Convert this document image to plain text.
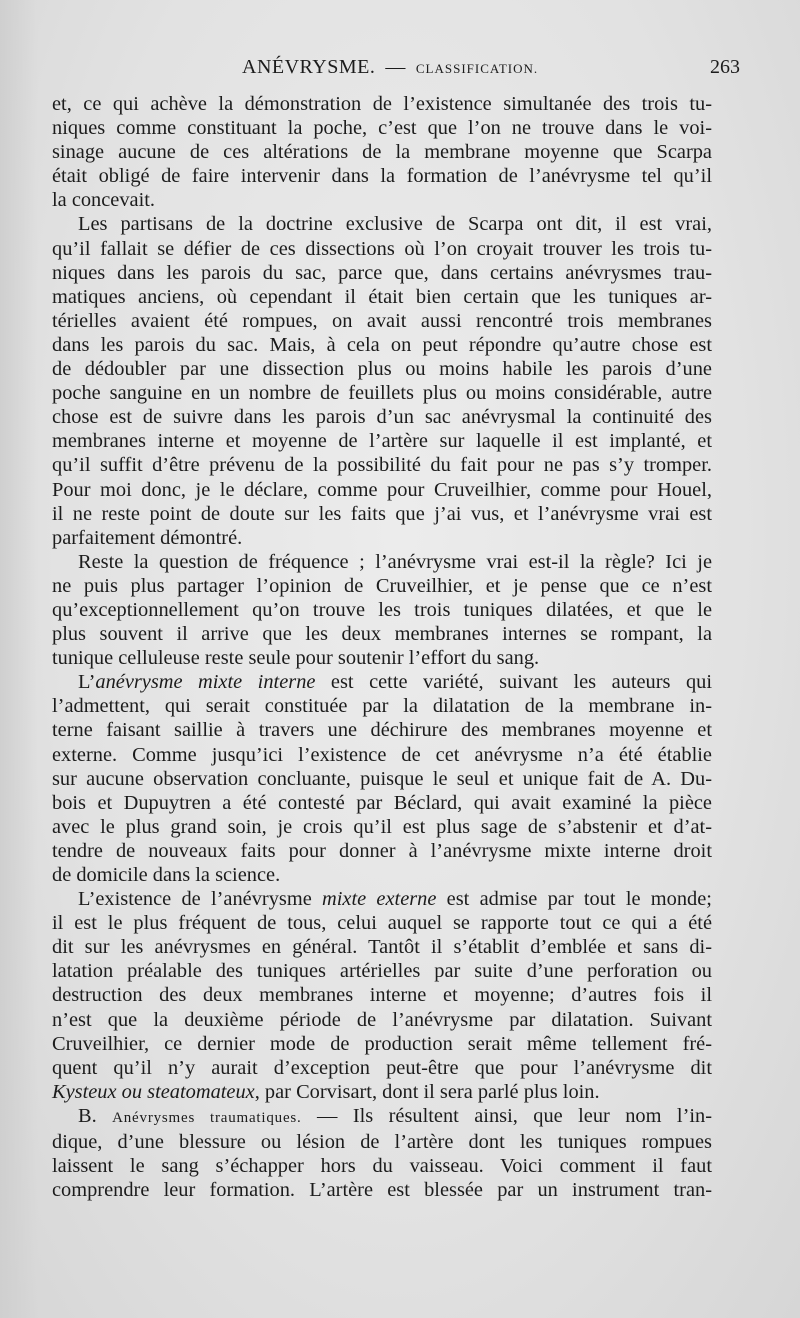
ANÉVRYSME. — CLASSIFICATION.	263
et, ce qui achève la démonstration de l’existence simultanée des trois tu-
niques comme constituant la poche, c’est que l’on ne trouve dans le voi-
sinage aucune de ces altérations de la membrane moyenne que Scarpa
était obligé de faire intervenir dans la formation de l’anévrysme tel qu’il
la concevait.
Les partisans de la doctrine exclusive de Scarpa ont dit, il est vrai,
qu’il fallait se défier de ces dissections où l’on croyait trouver les trois tu-
niques dans les parois du sac, parce que, dans certains anévrysmes trau-
matiques anciens, où cependant il était bien certain que les tuniques ar-
térielles avaient été rompues, on avait aussi rencontré trois membranes
dans les parois du sac. Mais, à cela on peut répondre qu’autre chose est
de dédoubler par une dissection plus ou moins habile les parois d’une
poche sanguine en un nombre de feuillets plus ou moins considérable, autre
chose est de suivre dans les parois d’un sac anévrysmal la continuité des
membranes interne et moyenne de l’artère sur laquelle il est implanté, et
qu’il suffit d’être prévenu de la possibilité du fait pour ne pas s’y tromper.
Pour moi donc, je le déclare, comme pour Cruveilhier, comme pour Houel,
il ne reste point de doute sur les faits que j’ai vus, et l’anévrysme vrai est
parfaitement démontré.
Reste la question de fréquence ; l’anévrysme vrai est-il la règle? Ici je
ne puis plus partager l’opinion de Cruveilhier, et je pense que ce n’est
qu’exceptionnellement qu’on trouve les trois tuniques dilatées, et que le
plus souvent il arrive que les deux membranes internes se rompant, la
tunique celluleuse reste seule pour soutenir l’effort du sang.
L’anévrysme mixte interne est cette variété, suivant les auteurs qui
l’admettent, qui serait constituée par la dilatation de la membrane in-
terne faisant saillie à travers une déchirure des membranes moyenne et
externe. Comme jusqu’ici l’existence de cet anévrysme n’a été établie
sur aucune observation concluante, puisque le seul et unique fait de A. Du-
bois et Dupuytren a été contesté par Béclard, qui avait examiné la pièce
avec le plus grand soin, je crois qu’il est plus sage de s’abstenir et d’at-
tendre de nouveaux faits pour donner à l’anévrysme mixte interne droit
de domicile dans la science.
L’existence de l’anévrysme mixte externe est admise par tout le monde;
il est le plus fréquent de tous, celui auquel se rapporte tout ce qui a été
dit sur les anévrysmes en général. Tantôt il s’établit d’emblée et sans di-
latation préalable des tuniques artérielles par suite d’une perforation ou
destruction des deux membranes interne et moyenne; d’autres fois il
n’est que la deuxième période de l’anévrysme par dilatation. Suivant
Cruveilhier, ce dernier mode de production serait même tellement fré-
quent qu’il n’y aurait d’exception peut-être que pour l’anévrysme dit
Kysteux ou steatomateux, par Corvisart, dont il sera parlé plus loin.
B. Anévrysmes traumatiques. — Ils résultent ainsi, que leur nom l’in-
dique, d’une blessure ou lésion de l’artère dont les tuniques rompues
laissent le sang s’échapper hors du vaisseau. Voici comment il faut
comprendre leur formation. L’artère est blessée par un instrument tran-
